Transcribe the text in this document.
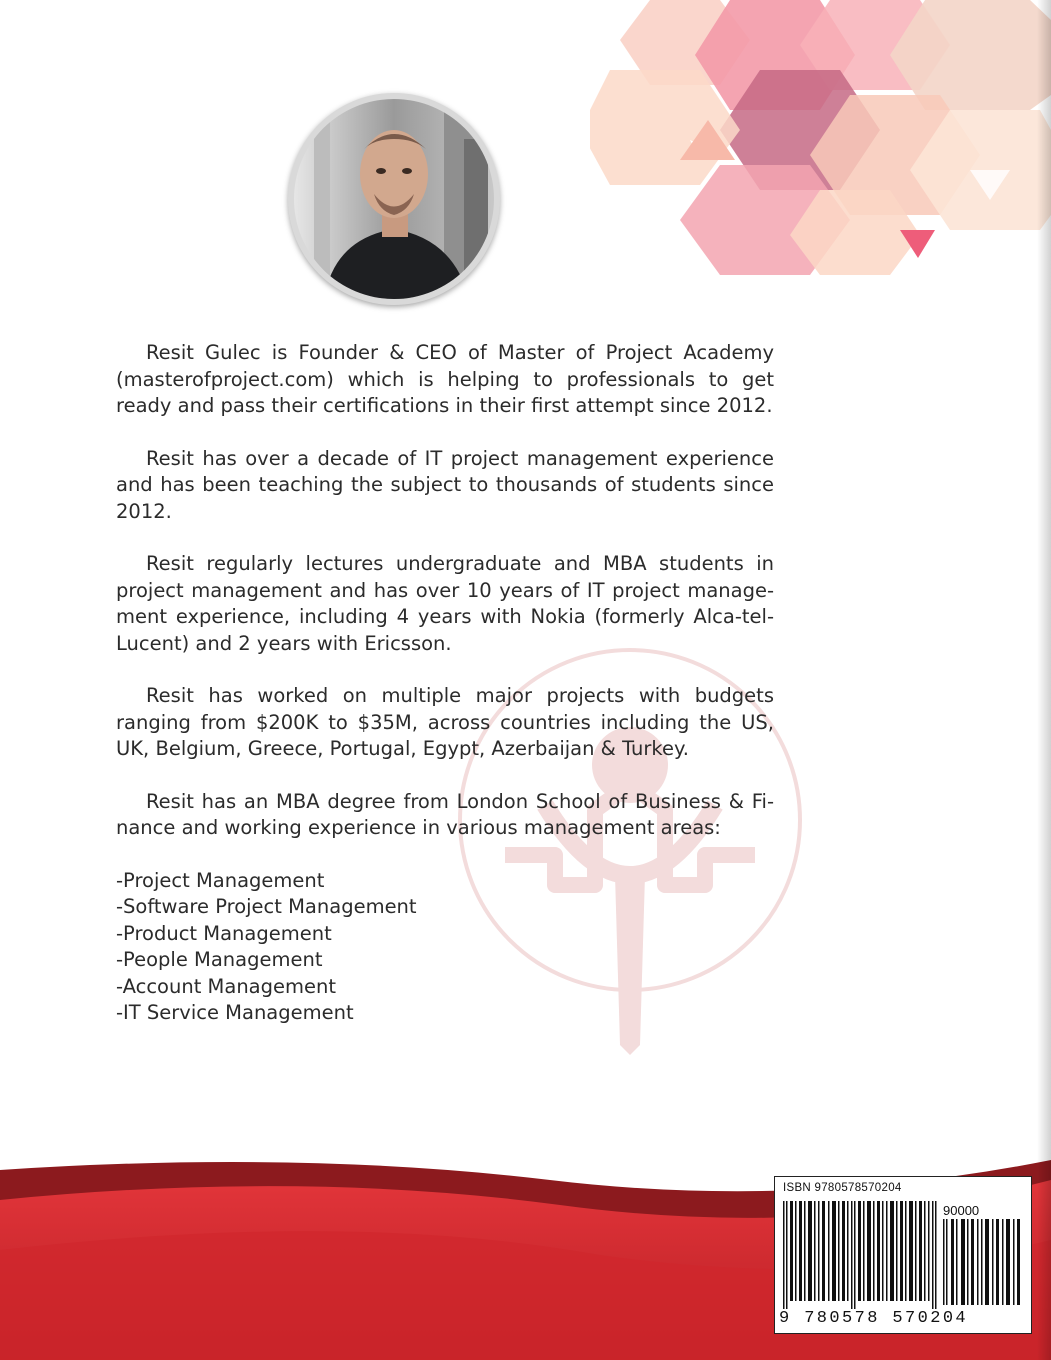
Resit Gulec is Founder & CEO of Master of Project Academy (masterofproject.com) which is helping to professionals to get ready and pass their certifications in their first attempt since 2012.

Resit has over a decade of IT project management experience and has been teaching the subject to thousands of students since 2012.

Resit regularly lectures undergraduate and MBA students in project management and has over 10 years of IT project manage-ment experience, including 4 years with Nokia (formerly Alca-tel-Lucent) and 2 years with Ericsson.

Resit has worked on multiple major projects with budgets ranging from $200K to $35M, across countries including the US, UK, Belgium, Greece, Portugal, Egypt, Azerbaijan & Turkey.

Resit has an MBA degree from London School of Business & Fi-nance and working experience in various management areas:

-Project Management
-Software Project Management
-Product Management
-People Management
-Account Management
-IT Service Management
ISBN 9780578570204
90000
9 780578 570204
